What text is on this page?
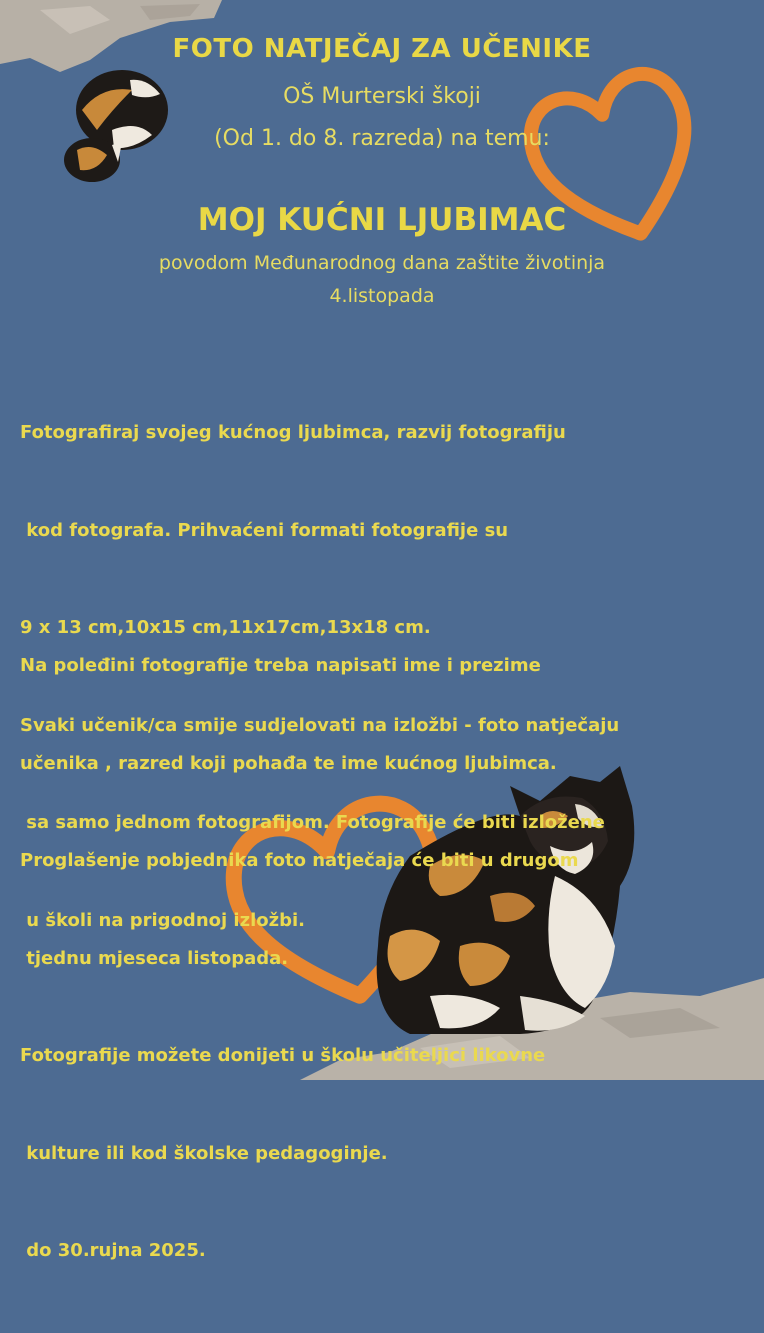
FOTO NATJEČAJ ZA UČENIKE
OŠ Murterski škoji
(Od 1. do 8. razreda) na temu:
MOJ KUĆNI LJUBIMAC
povodom Međunarodnog dana zaštite životinja
4.listopada

Fotografiraj svojeg kućnog ljubimca, razvij fotografiju

kod fotografa. Prihvaćeni formati fotografije su

9 x 13 cm,10x15 cm,11x17cm,13x18 cm.

Svaki učenik/ca smije sudjelovati na izložbi - foto natječaju

sa samo jednom fotografijom. Fotografije će biti izložene

u školi na prigodnoj izložbi.

Na poleđini fotografije treba napisati ime i prezime

učenika , razred koji pohađa te ime kućnog ljubimca.

Proglašenje pobjednika foto natječaja će biti u drugom

tjednu mjeseca listopada.

Fotografije možete donijeti u školu učiteljici likovne

kulture ili kod školske pedagoginje.

do 30.rujna 2025.
